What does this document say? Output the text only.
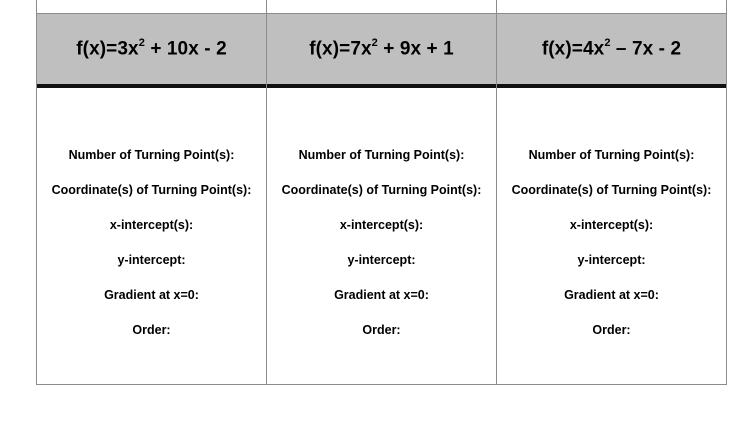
$f(x)=3x^2 + 10x - 2$
Number of Turning Point(s):
Coordinate(s) of Turning Point(s):
x-intercept(s):
y-intercept:
Gradient at x=0:
Order:
$f(x)=7x^2 + 9x + 1$
Number of Turning Point(s):
Coordinate(s) of Turning Point(s):
x-intercept(s):
y-intercept:
Gradient at x=0:
Order:
$f(x)=4x^2 - 7x - 2$
Number of Turning Point(s):
Coordinate(s) of Turning Point(s):
x-intercept(s):
y-intercept:
Gradient at x=0:
Order:
